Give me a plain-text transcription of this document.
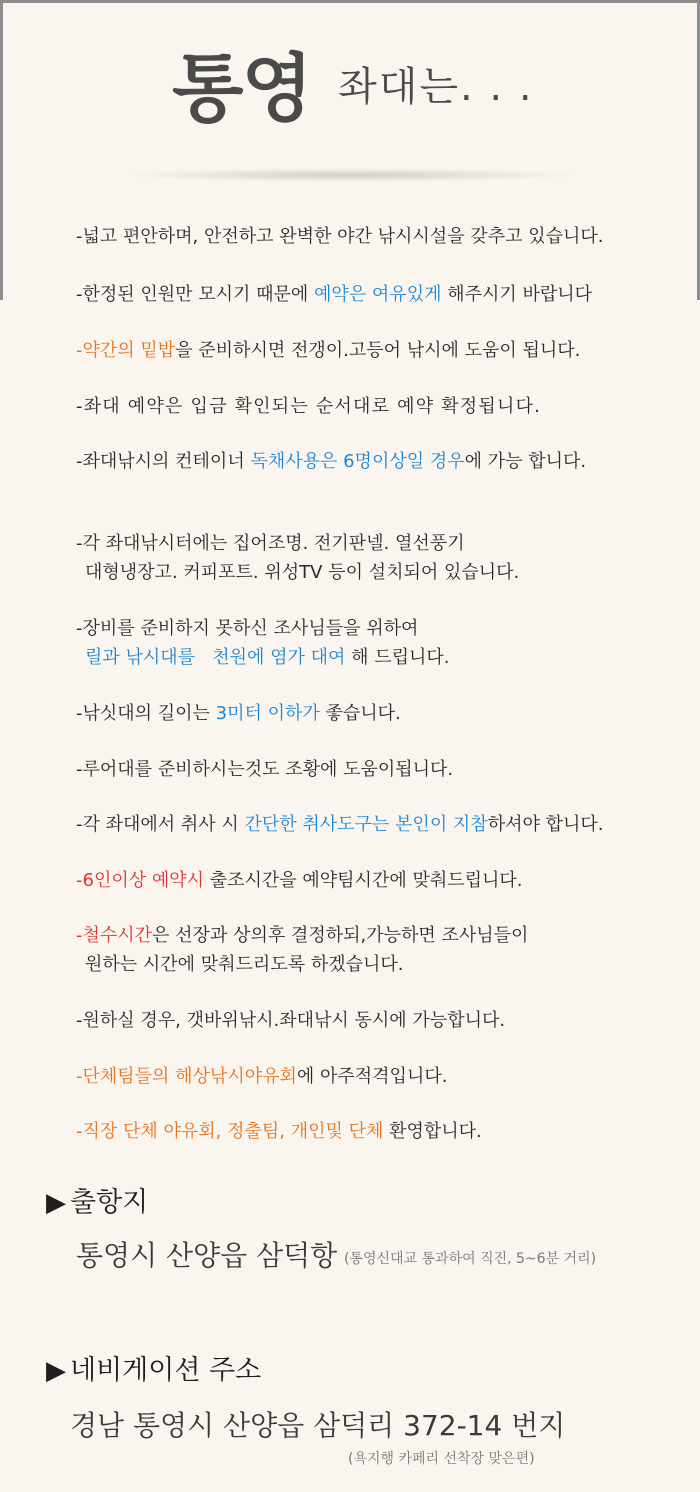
통영 좌대는. . .
-넓고 편안하며, 안전하고 완벽한 야간 낚시시설을 갖추고 있습니다.
-한정된 인원만 모시기 때문에 예약은 여유있게 해주시기 바랍니다
-약간의 밑밥을 준비하시면 전갱이.고등어 낚시에 도움이 됩니다.
-좌대 예약은 입금 확인되는 순서대로 예약 확정됩니다.
-좌대낚시의 컨테이너 독채사용은 6명이상일 경우에 가능 합니다.
-각 좌대낚시터에는 집어조명. 전기판넬. 열선풍기
대형냉장고. 커피포트. 위성TV 등이 설치되어 있습니다.
-장비를 준비하지 못하신 조사님들을 위하여
릴과 낚시대를   천원에 염가 대여 해 드립니다.
-낚싯대의 길이는 3미터 이하가 좋습니다.
-루어대를 준비하시는것도 조황에 도움이됩니다.
-각 좌대에서 취사 시 간단한 취사도구는 본인이 지참하셔야 합니다.
-6인이상 예약시 출조시간을 예약팀시간에 맞춰드립니다.
-철수시간은 선장과 상의후 결정하되,가능하면 조사님들이
원하는 시간에 맞춰드리도록 하겠습니다.
-원하실 경우, 갯바위낚시.좌대낚시 동시에 가능합니다.
-단체팀들의 해상낚시야유회에 아주적격입니다.
-직장 단체 야유회, 정출팀, 개인및 단체 환영합니다.
▶ 출항지
통영시 산양읍 삼덕항 (통영신대교 통과하여 직진, 5~6분 거리)
▶ 네비게이션 주소
경남 통영시 산양읍 삼덕리 372-14 번지
(욕지행 카페리 선착장 맞은편)
